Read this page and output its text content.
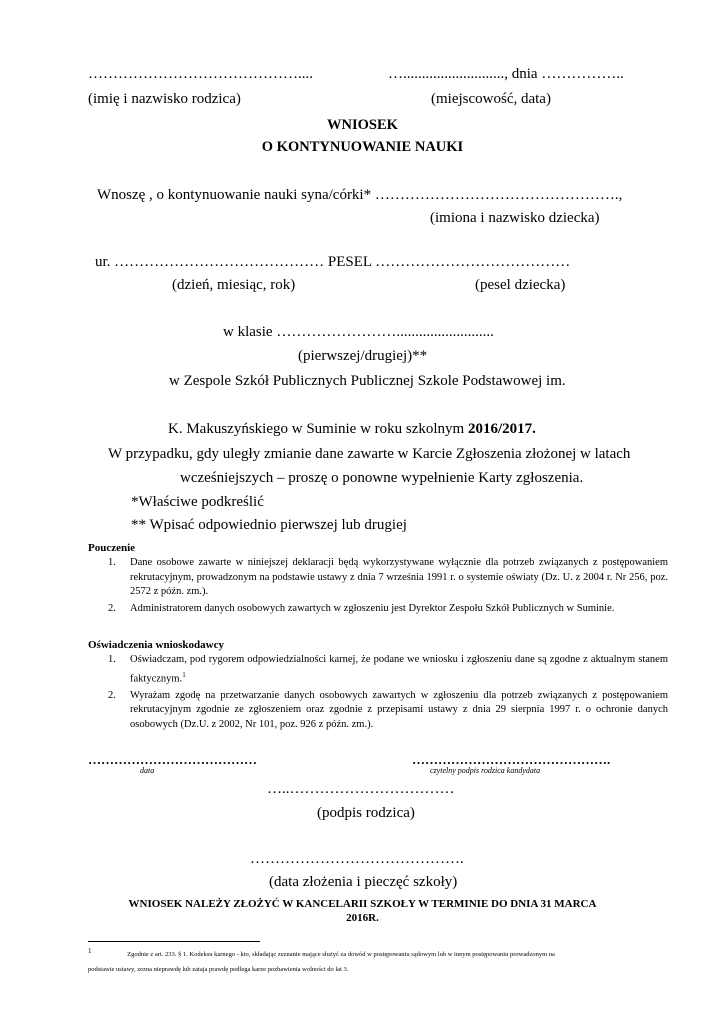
……………………………………....	…..........................., dnia ……………..
(imię i nazwisko rodzica)	(miejscowość, data)
WNIOSEK
O KONTYNUOWANIE NAUKI
Wnoszę , o kontynuowanie nauki syna/córki* ………………………………………….,
(imiona i nazwisko dziecka)
ur. …………………………………… PESEL …………………………………
(dzień, miesiąc, rok)	(pesel dziecka)
w klasie ……………………..........................
(pierwszej/drugiej)**
w Zespole Szkół Publicznych Publicznej Szkole Podstawowej im.
K. Makuszyńskiego w Suminie w roku szkolnym 2016/2017.
W przypadku, gdy uległy zmianie dane zawarte w Karcie Zgłoszenia złożonej w latach
wcześniejszych – proszę o ponowne wypełnienie Karty zgłoszenia.
*Właściwe podkreślić
** Wpisać odpowiednio pierwszej lub drugiej
Pouczenie
1. Dane osobowe zawarte w niniejszej deklaracji będą wykorzystywane wyłącznie dla potrzeb związanych z postępowaniem rekrutacyjnym, prowadzonym na podstawie ustawy z dnia 7 września 1991 r. o systemie oświaty (Dz. U. z 2004 r. Nr 256, poz. 2572 z późn. zm.).
2. Administratorem danych osobowych zawartych w zgłoszeniu jest Dyrektor Zespołu Szkół Publicznych w Suminie.
Oświadczenia wnioskodawcy
1. Oświadczam, pod rygorem odpowiedzialności karnej, że podane we wniosku i zgłoszeniu dane są zgodne z aktualnym stanem faktycznym.$^1$
2. Wyrażam zgodę na przetwarzanie danych osobowych zawartych w zgłoszeniu dla potrzeb związanych z postępowaniem rekrutacyjnym zgodnie ze zgłoszeniem oraz zgodnie z przepisami ustawy z dnia 29 sierpnia 1997 r. o ochronie danych osobowych (Dz.U. z 2002, Nr 101, poz. 926 z późn. zm.).
…………………………………
data
……………………………………….
czytelny podpis rodzica kandydata
…..……………………………
(podpis rodzica)
…………………………………….
(data złożenia i pieczęć szkoły)
WNIOSEK NALEŻY ZŁOŻYĆ W KANCELARII SZKOŁY W TERMINIE DO DNIA 31 MARCA
2016R.
1	Zgodnie z art. 233. § 1. Kodeksu karnego - kto, składając zeznanie mające służyć za dowód w postępowaniu sądowym lub w innym postępowaniu prowadzonym na
podstawie ustawy, zezna nieprawdę lub zataja prawdę podlega karze pozbawienia wolności do lat 3.
